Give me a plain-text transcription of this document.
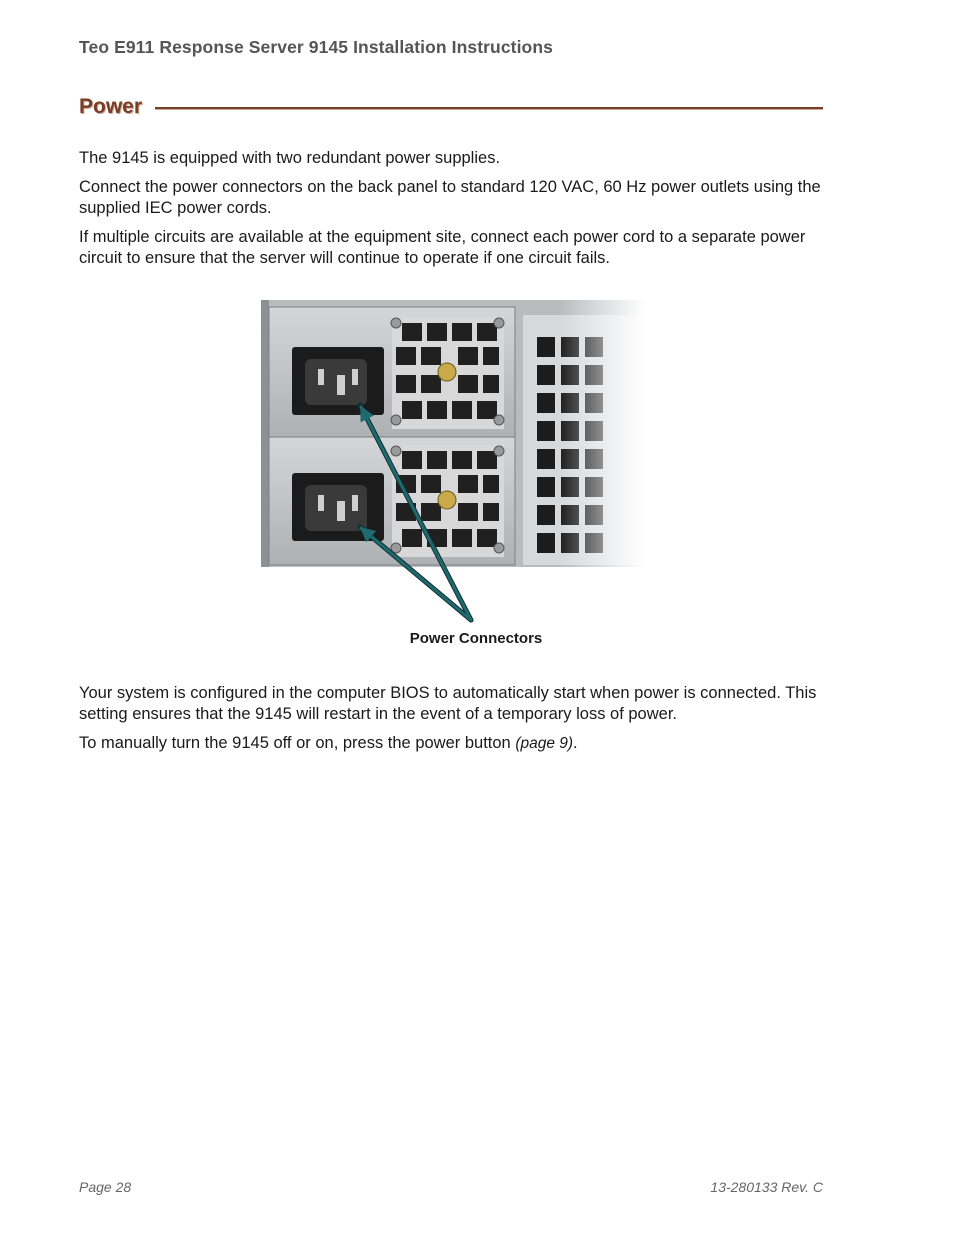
Teo E911 Response Server 9145 Installation Instructions
Power

The 9145 is equipped with two redundant power supplies.

Connect the power connectors on the back panel to standard 120 VAC, 60 Hz power outlets using the supplied IEC power cords.

If multiple circuits are available at the equipment site, connect each power cord to a separate power circuit to ensure that the server will continue to operate if one circuit fails.

Power Connectors

Your system is configured in the computer BIOS to automatically start when power is connected. This setting ensures that the 9145 will restart in the event of a temporary loss of power.

To manually turn the 9145 off or on, press the power button (page 9).

Page 28	13-280133 Rev. C
